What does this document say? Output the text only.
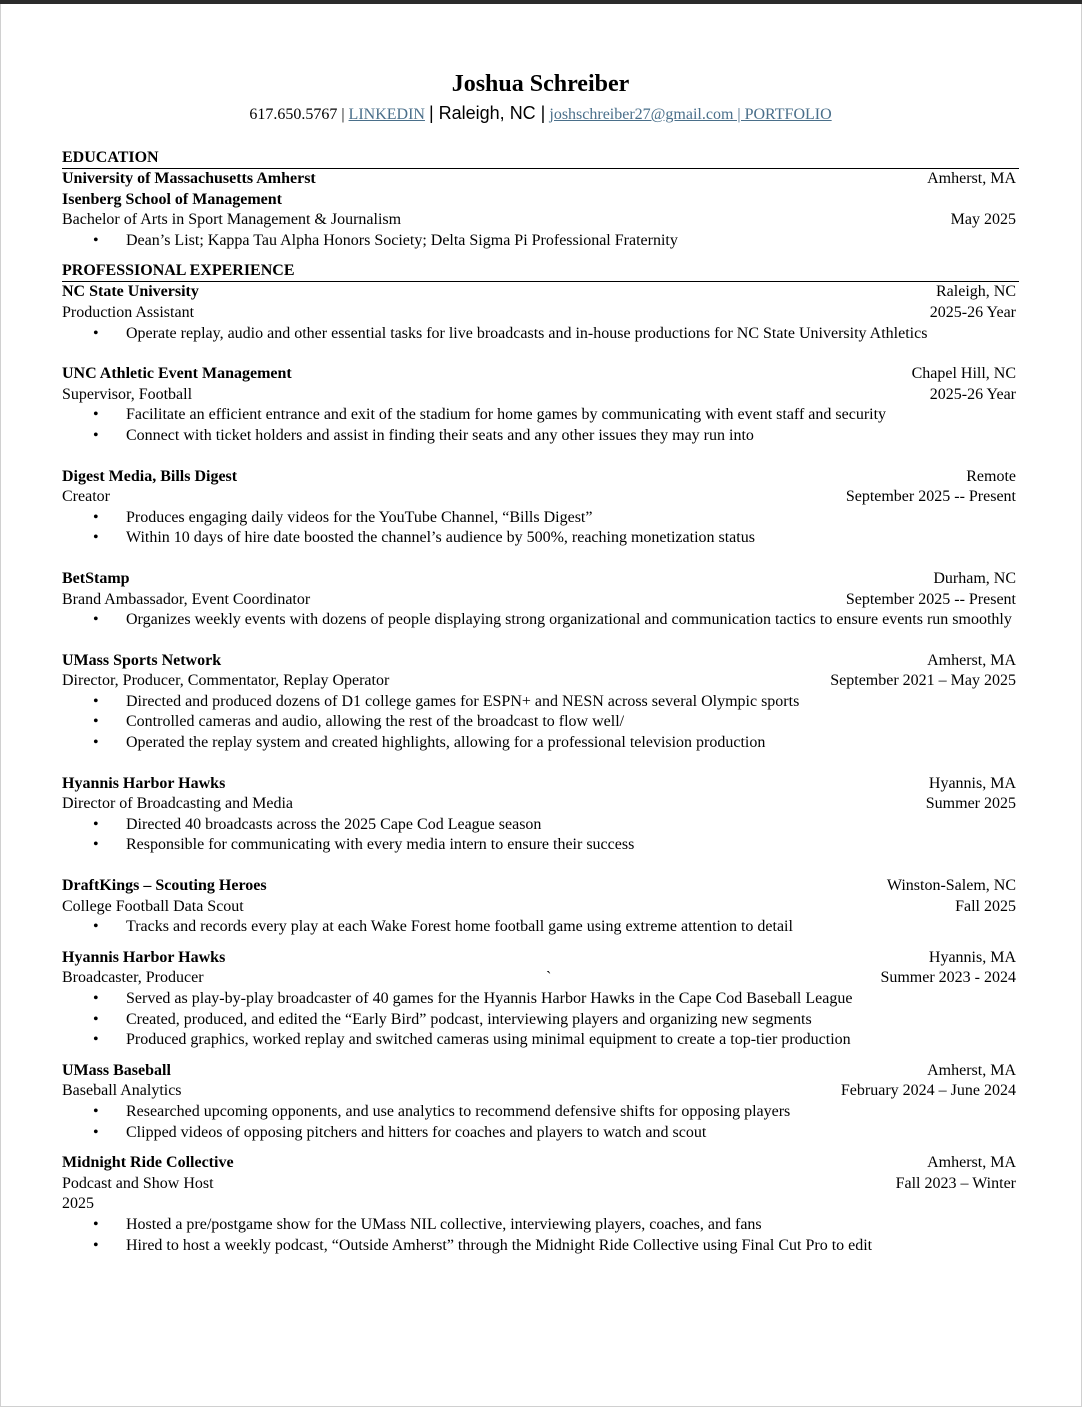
Joshua Schreiber
617.650.5767 | LINKEDIN | Raleigh, NC | joshschreiber27@gmail.com | PORTFOLIO
EDUCATION
University of Massachusetts Amherst	Amherst, MA
Isenberg School of Management
Bachelor of Arts in Sport Management & Journalism	May 2025
• Dean’s List; Kappa Tau Alpha Honors Society; Delta Sigma Pi Professional Fraternity
PROFESSIONAL EXPERIENCE
NC State University	Raleigh, NC
Production Assistant	2025-26 Year
• Operate replay, audio and other essential tasks for live broadcasts and in-house productions for NC State University Athletics
UNC Athletic Event Management	Chapel Hill, NC
Supervisor, Football	2025-26 Year
• Facilitate an efficient entrance and exit of the stadium for home games by communicating with event staff and security
• Connect with ticket holders and assist in finding their seats and any other issues they may run into
Digest Media, Bills Digest	Remote
Creator	September 2025 -- Present
• Produces engaging daily videos for the YouTube Channel, “Bills Digest”
• Within 10 days of hire date boosted the channel’s audience by 500%, reaching monetization status
BetStamp	Durham, NC
Brand Ambassador, Event Coordinator	September 2025 -- Present
• Organizes weekly events with dozens of people displaying strong organizational and communication tactics to ensure events run smoothly
UMass Sports Network	Amherst, MA
Director, Producer, Commentator, Replay Operator	September 2021 – May 2025
• Directed and produced dozens of D1 college games for ESPN+ and NESN across several Olympic sports
• Controlled cameras and audio, allowing the rest of the broadcast to flow well/
• Operated the replay system and created highlights, allowing for a professional television production
Hyannis Harbor Hawks	Hyannis, MA
Director of Broadcasting and Media	Summer 2025
• Directed 40 broadcasts across the 2025 Cape Cod League season
• Responsible for communicating with every media intern to ensure their success
DraftKings – Scouting Heroes	Winston-Salem, NC
College Football Data Scout	Fall 2025
• Tracks and records every play at each Wake Forest home football game using extreme attention to detail
Hyannis Harbor Hawks	Hyannis, MA
Broadcaster, Producer	`	Summer 2023 - 2024
• Served as play-by-play broadcaster of 40 games for the Hyannis Harbor Hawks in the Cape Cod Baseball League
• Created, produced, and edited the “Early Bird” podcast, interviewing players and organizing new segments
• Produced graphics, worked replay and switched cameras using minimal equipment to create a top-tier production
UMass Baseball	Amherst, MA
Baseball Analytics	February 2024 – June 2024
• Researched upcoming opponents, and use analytics to recommend defensive shifts for opposing players
• Clipped videos of opposing pitchers and hitters for coaches and players to watch and scout
Midnight Ride Collective	Amherst, MA
Podcast and Show Host	Fall 2023 – Winter
2025
• Hosted a pre/postgame show for the UMass NIL collective, interviewing players, coaches, and fans
• Hired to host a weekly podcast, “Outside Amherst” through the Midnight Ride Collective using Final Cut Pro to edit
